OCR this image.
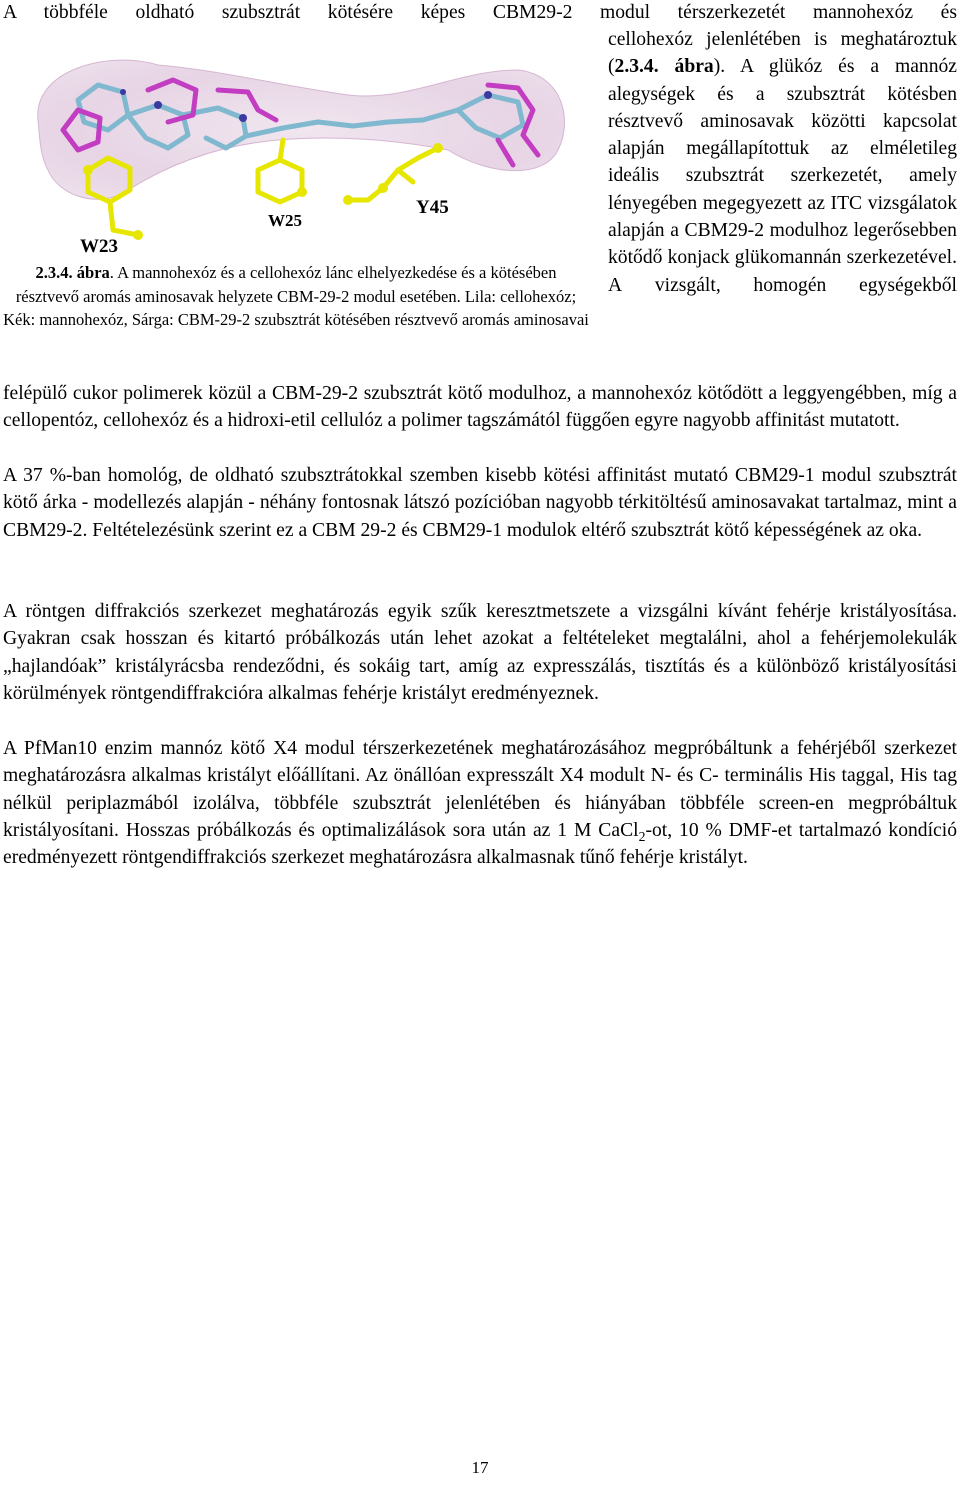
A többféle oldható szubsztrát kötésére képes CBM29-2 modul térszerkezetét mannohexóz és

cellohexóz jelenlétében is meghatároztuk (2.3.4. ábra). A glükóz és a mannóz alegységek és a szubsztrát kötésben résztvevő aminosavak közötti kapcsolat alapján megállapítottuk az elméletileg ideális szubsztrát szerkezetét, amely lényegében megegyezett az ITC vizsgálatok alapján a CBM29-2 modulhoz legerősebben kötődő konjack glükomannán szerkezetével. A vizsgált, homogén egységekből
W23
W25
Y45

2.3.4. ábra. A mannohexóz és a cellohexóz lánc elhelyezkedése és a kötésében résztvevő aromás aminosavak helyzete CBM-29-2 modul esetében. Lila: cellohexóz; Kék: mannohexóz, Sárga: CBM-29-2 szubsztrát kötésében résztvevő aromás aminosavai

felépülő cukor polimerek közül a CBM-29-2 szubsztrát kötő modulhoz, a mannohexóz kötődött a leggyengébben, míg a cellopentóz, cellohexóz és a hidroxi-etil cellulóz a polimer tagszámától függően egyre nagyobb affinitást mutatott.

A 37 %-ban homológ, de oldható szubsztrátokkal szemben kisebb kötési affinitást mutató CBM29-1 modul szubsztrát kötő árka - modellezés alapján - néhány fontosnak látszó pozícióban nagyobb térkitöltésű aminosavakat tartalmaz, mint a CBM29-2. Feltételezésünk szerint ez a CBM 29-2 és CBM29-1 modulok eltérő szubsztrát kötő képességének az oka.

A röntgen diffrakciós szerkezet meghatározás egyik szűk keresztmetszete a vizsgálni kívánt fehérje kristályosítása. Gyakran csak hosszan és kitartó próbálkozás után lehet azokat a feltételeket megtalálni, ahol a fehérjemolekulák „hajlandóak” kristályrácsba rendeződni, és sokáig tart, amíg az expresszálás, tisztítás és a különböző kristályosítási körülmények röntgendiffrakcióra alkalmas fehérje kristályt eredményeznek.

A PfMan10 enzim mannóz kötő X4 modul térszerkezetének meghatározásához megpróbáltunk a fehérjéből szerkezet meghatározásra alkalmas kristályt előállítani. Az önállóan expresszált X4 modult N- és C- terminális His taggal, His tag nélkül periplazmából izolálva, többféle szubsztrát jelenlétében és hiányában többféle screen-en megpróbáltuk kristályosítani. Hosszas próbálkozás és optimalizálások sora után az 1 M CaCl$_2$-ot, 10 % DMF-et tartalmazó kondíció eredményezett röntgendiffrakciós szerkezet meghatározásra alkalmasnak tűnő fehérje kristályt.

17
